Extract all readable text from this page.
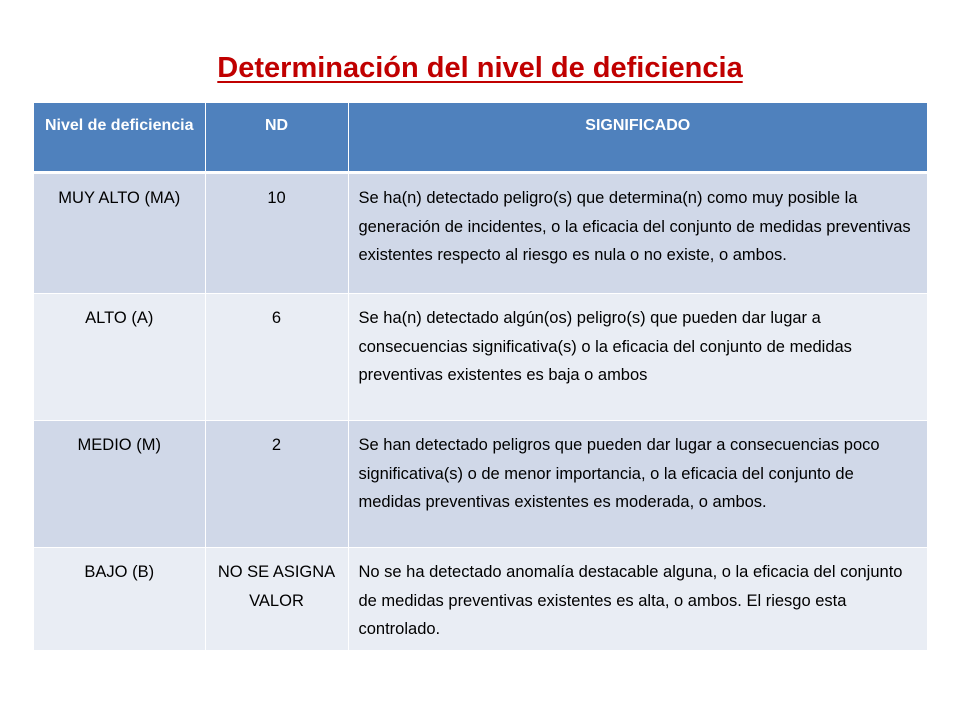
Determinación del nivel de deficiencia
Nivel de deficiencia	ND	SIGNIFICADO
MUY ALTO (MA)	10	Se ha(n) detectado peligro(s) que determina(n) como muy posible la generación de incidentes, o la eficacia del conjunto de medidas preventivas existentes respecto al riesgo es nula o no existe, o ambos.
ALTO (A)	6	Se ha(n) detectado algún(os) peligro(s) que pueden dar lugar a consecuencias significativa(s) o la eficacia del conjunto de medidas preventivas existentes es baja o ambos
MEDIO (M)	2	Se han detectado peligros que pueden dar lugar a consecuencias poco significativa(s) o de menor importancia, o la eficacia del conjunto de medidas preventivas existentes es moderada, o ambos.
BAJO (B)	NO SE ASIGNA VALOR	No se ha detectado anomalía destacable alguna, o la eficacia del conjunto de medidas preventivas existentes es alta, o ambos. El riesgo esta controlado.
